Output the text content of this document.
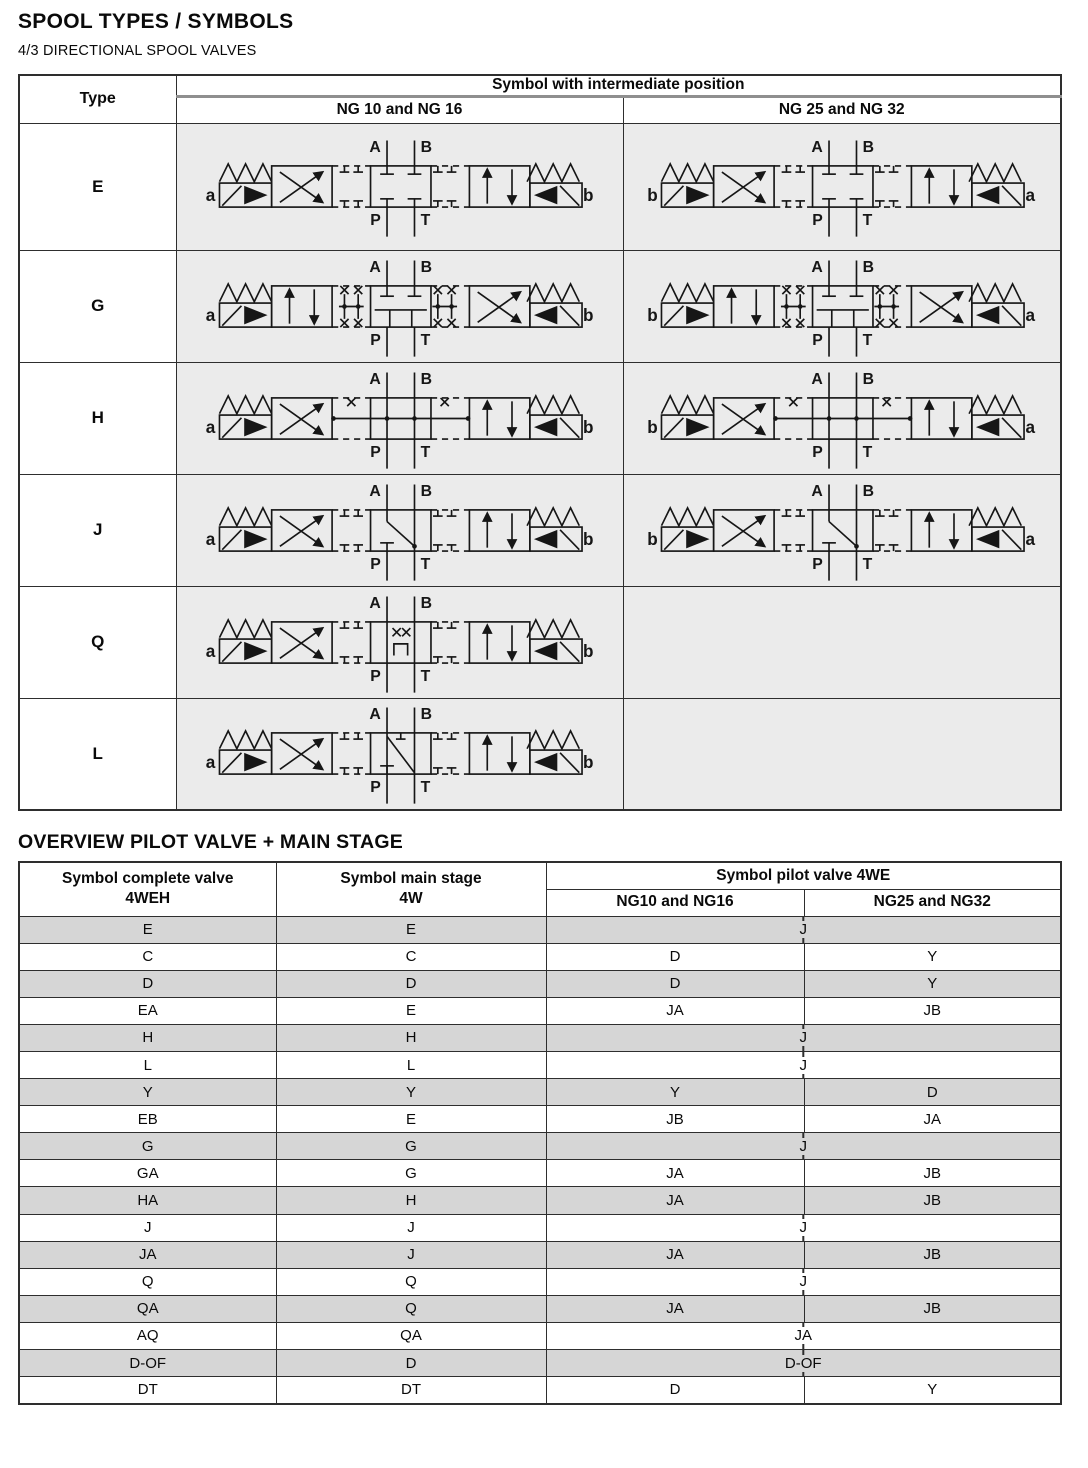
SPOOL TYPES / SYMBOLS
4/3 DIRECTIONAL SPOOL VALVES
Type	Symbol with intermediate position	
	NG 10 and NG 16	NG 25 and NG 32
E	
A B
P T
a	b

A B
P T
b	a

G	
A B
P T
a	b

A B
P T
b	a

H	
A B
P T
a	b

A B
P T
b	a

J	
A B
P T
a	b

A B
P T
b	a

Q	
A B
P T
a	b

L	
A B
P T
a	b

OVERVIEW PILOT VALVE + MAIN STAGE
Symbol complete valve
4WEH

Symbol main stage
4W
	Symbol pilot valve 4WE
		NG10 and NG16	NG25 and NG32
E	E	J	
C	C	D	Y
D	D	D	Y
EA	E	JA	JB
H	H	J	
L	L	J	
Y	Y	Y	D
EB	E	JB	JA
G	G	J	
GA	G	JA	JB
HA	H	JA	JB
J	J	J	
JA	J	JA	JB
Q	Q	J	
QA	Q	JA	JB
AQ	QA	JA	
D-OF	D	D-OF	
DT	DT	D	Y
